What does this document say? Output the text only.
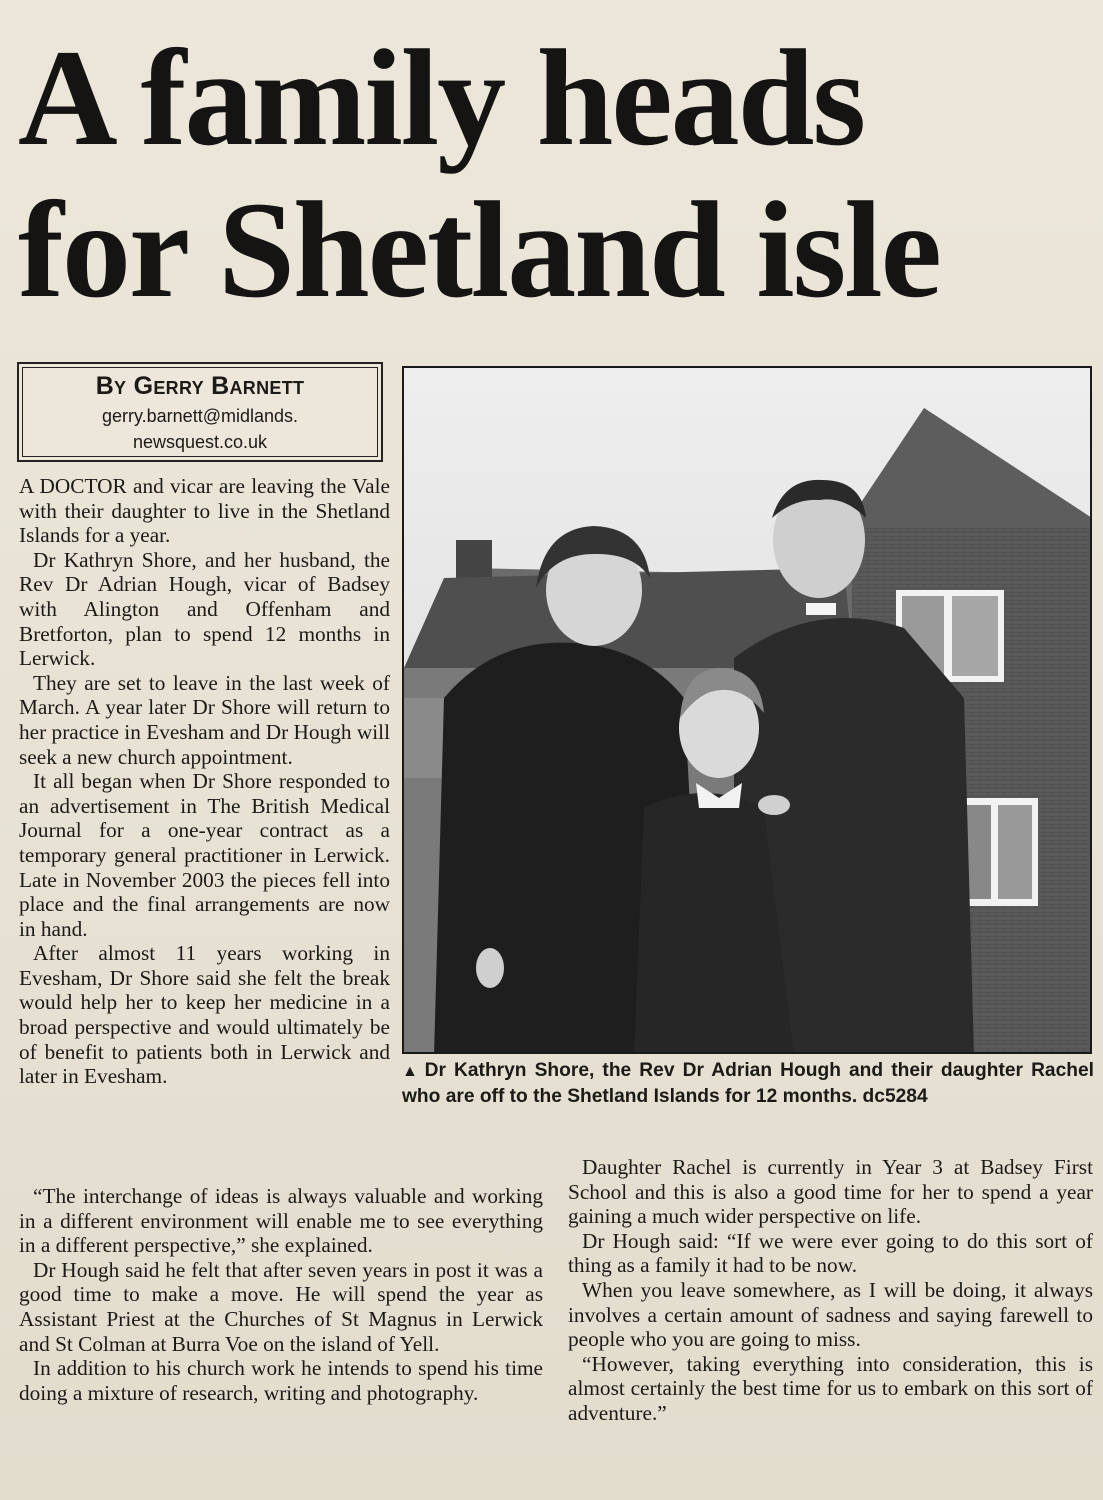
A family heads
for Shetland isle
By Gerry Barnett
gerry.barnett@midlands.
newsquest.co.uk

A DOCTOR and vicar are leaving the Vale with their daughter to live in the Shetland Islands for a year.

Dr Kathryn Shore, and her husband, the Rev Dr Adrian Hough, vicar of Badsey with Alington and Offenham and Bretforton, plan to spend 12 months in Lerwick.

They are set to leave in the last week of March. A year later Dr Shore will return to her practice in Evesham and Dr Hough will seek a new church appointment.

It all began when Dr Shore responded to an advertisement in The British Medical Journal for a one-year contract as a temporary general practitioner in Lerwick. Late in November 2003 the pieces fell into place and the final arrangements are now in hand.

After almost 11 years working in Evesham, Dr Shore said she felt the break would help her to keep her medicine in a broad perspective and would ultimately be of benefit to patients both in Lerwick and later in Evesham.	▲ Dr Kathryn Shore, the Rev Dr Adrian Hough and their daughter Rachel who are off to the Shetland Islands for 12 months. dc5284

“The interchange of ideas is always valuable and working in a different environment will enable me to see everything in a different perspective,” she explained.

Dr Hough said he felt that after seven years in post it was a good time to make a move. He will spend the year as Assistant Priest at the Churches of St Magnus in Lerwick and St Colman at Burra Voe on the island of Yell.

In addition to his church work he intends to spend his time doing a mixture of research, writing and photography.

Daughter Rachel is currently in Year 3 at Badsey First School and this is also a good time for her to spend a year gaining a much wider perspective on life.

Dr Hough said: “If we were ever going to do this sort of thing as a family it had to be now.

When you leave somewhere, as I will be doing, it always involves a certain amount of sadness and saying farewell to people who you are going to miss.

“However, taking everything into consideration, this is almost certainly the best time for us to embark on this sort of adventure.”
